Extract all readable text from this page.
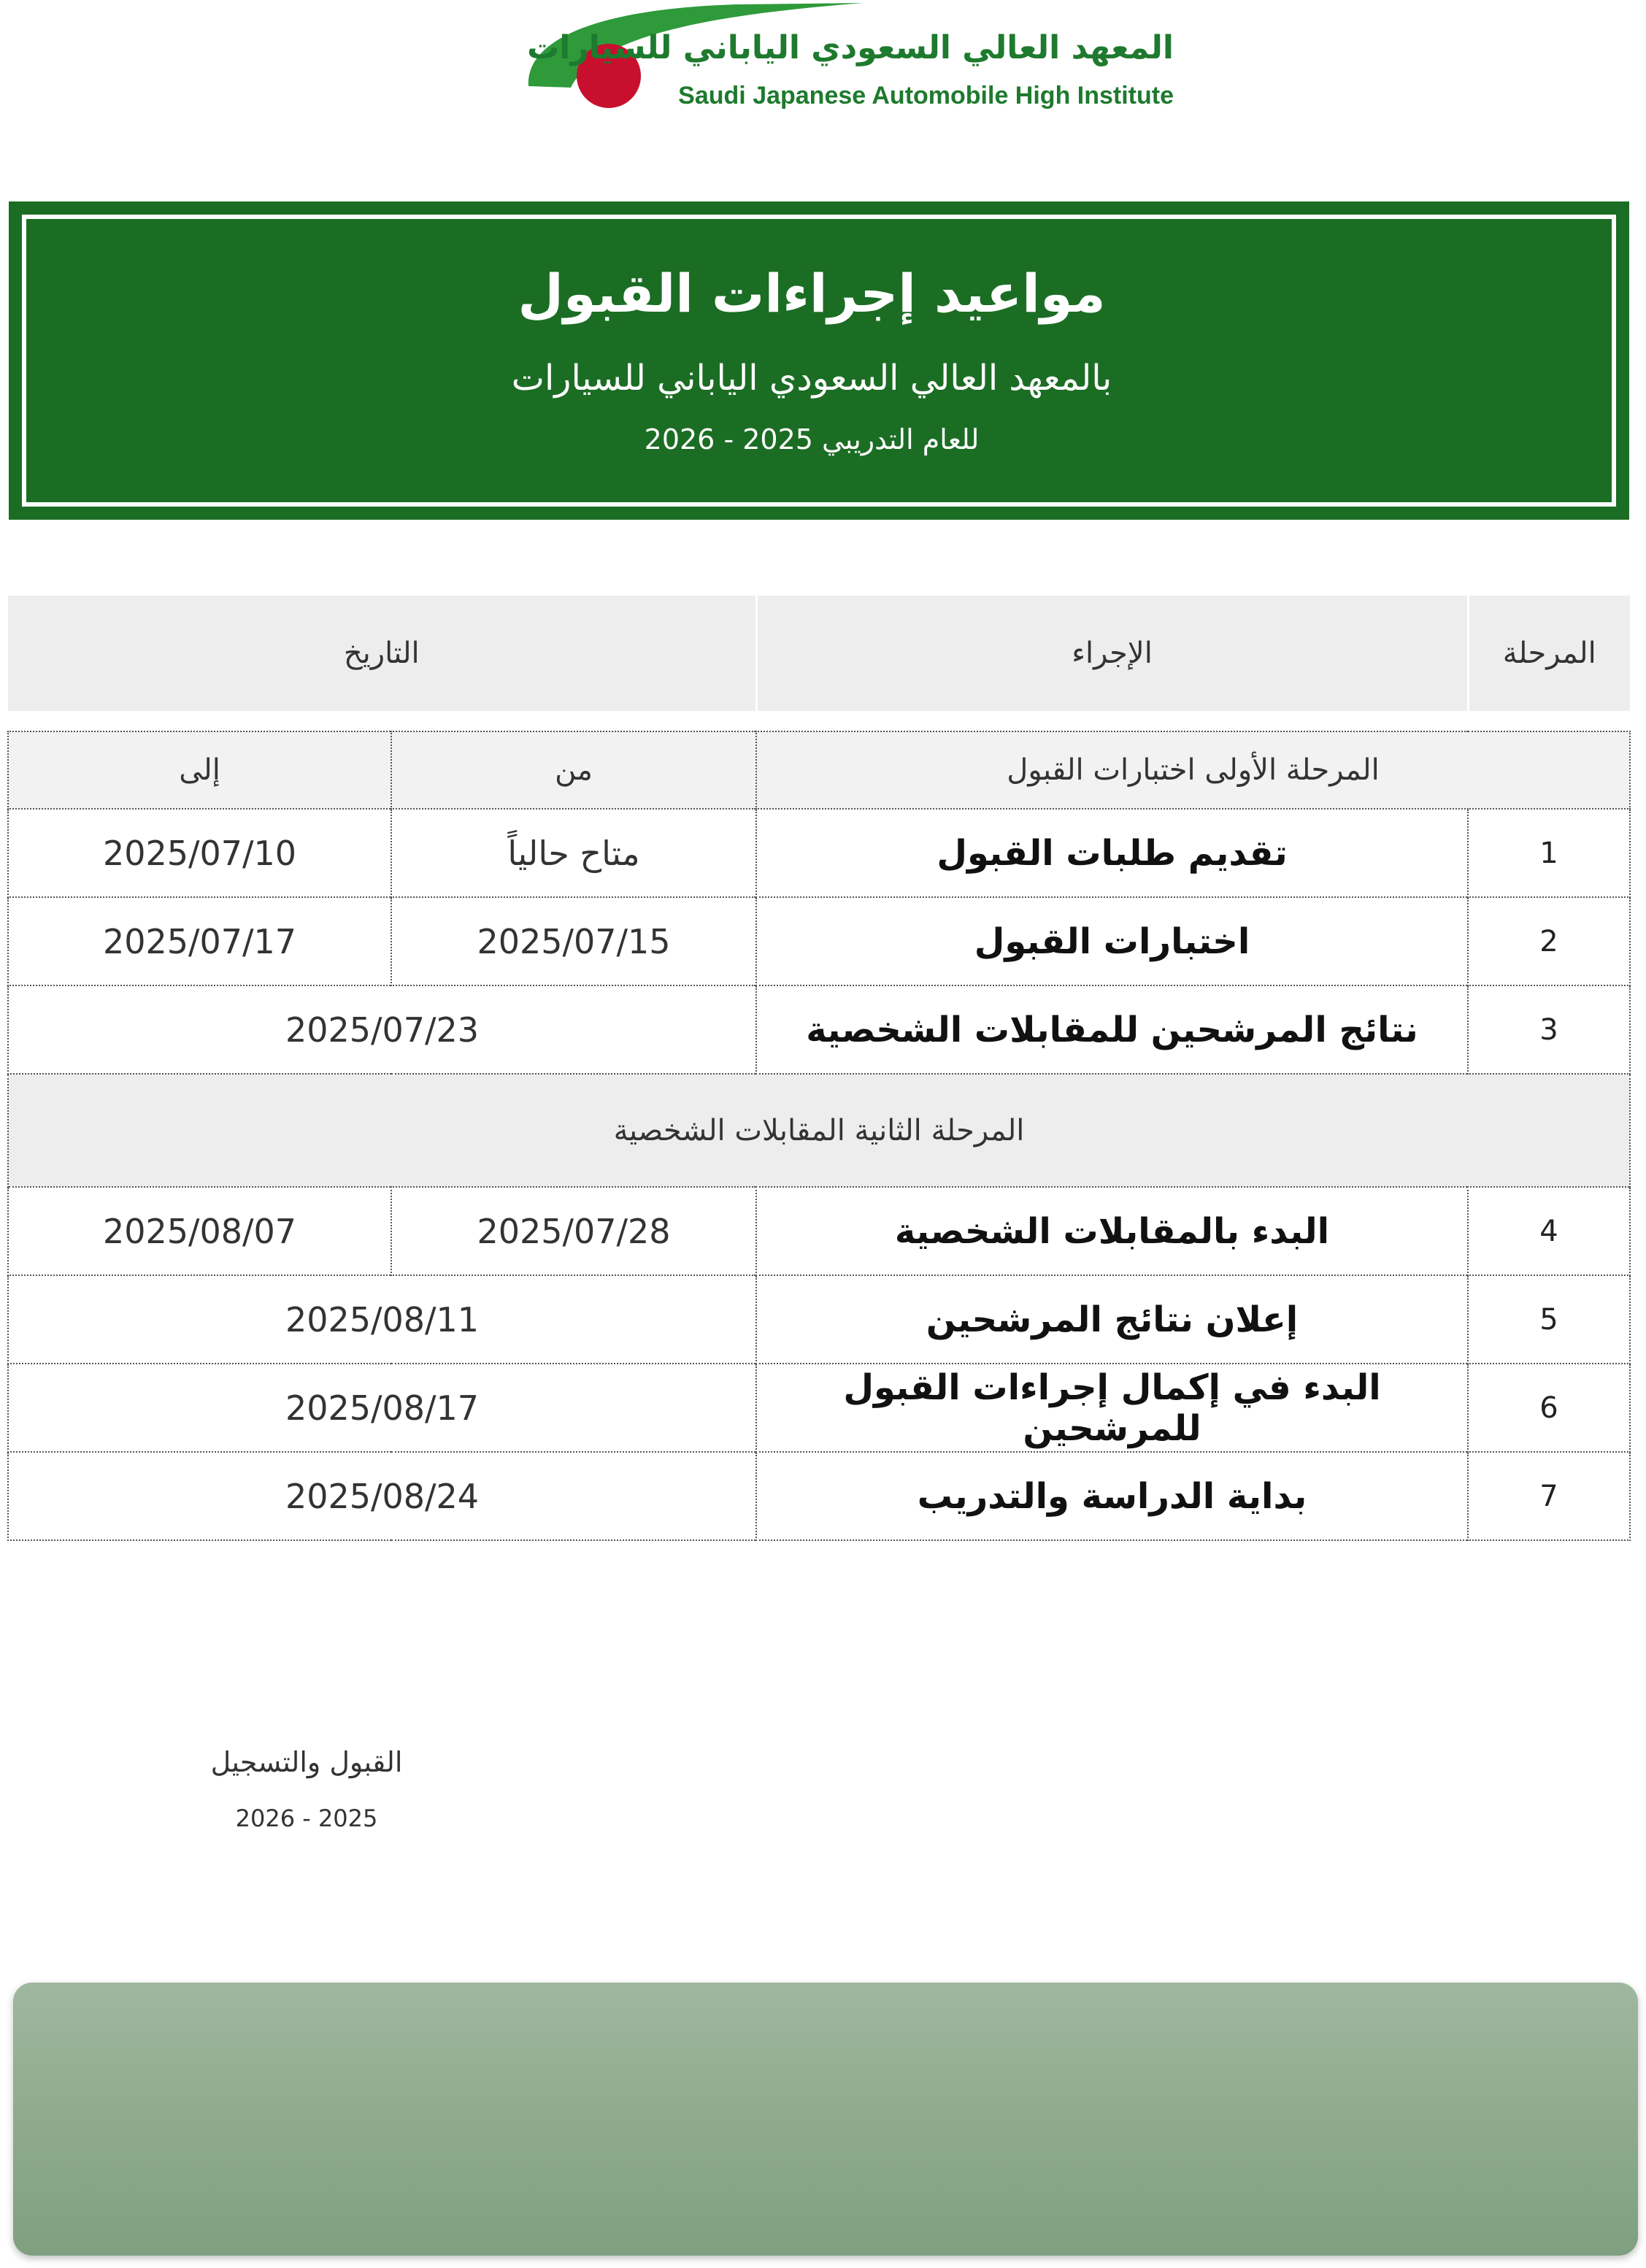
المعهد العالي السعودي الياباني للسيارات
Saudi Japanese Automobile High Institute
مواعيد إجراءات القبول
بالمعهد العالي السعودي الياباني للسيارات
للعام التدريبي 2025 - 2026
المرحلة	الإجراء	التاريخ	

المرحلة الأولى اختبارات القبول		من	إلى
1	تقديم طلبات القبول	متاح حالياً	2025/07/10
2	اختبارات القبول	2025/07/15	2025/07/17
3	نتائج المرشحين للمقابلات الشخصية	2025/07/23	
المرحلة الثانية المقابلات الشخصية			
4	البدء بالمقابلات الشخصية	2025/07/28	2025/08/07
5	إعلان نتائج المرشحين	2025/08/11	
6	البدء في إكمال إجراءات القبول للمرشحين	2025/08/17	
7	بداية الدراسة والتدريب	2025/08/24	
القبول والتسجيل
2026 - 2025
